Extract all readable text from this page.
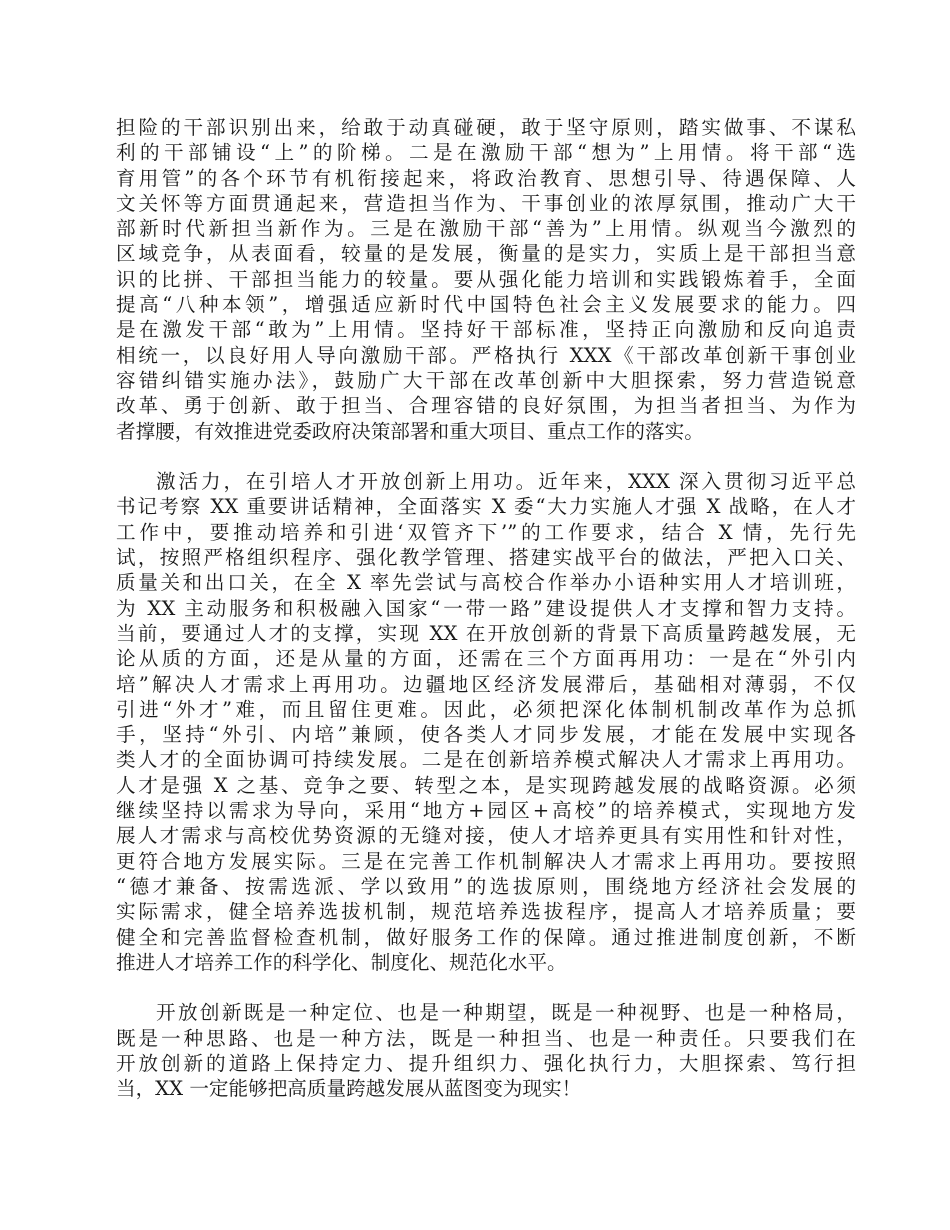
担险的干部识别出来，给敢于动真碰硬，敢于坚守原则，踏实做事、不谋私
利的干部铺设“上”的阶梯。二是在激励干部“想为”上用情。将干部“选
育用管”的各个环节有机衔接起来，将政治教育、思想引导、待遇保障、人
文关怀等方面贯通起来，营造担当作为、干事创业的浓厚氛围，推动广大干
部新时代新担当新作为。三是在激励干部“善为”上用情。纵观当今激烈的
区域竞争，从表面看，较量的是发展，衡量的是实力，实质上是干部担当意
识的比拼、干部担当能力的较量。要从强化能力培训和实践锻炼着手，全面
提高“八种本领”，增强适应新时代中国特色社会主义发展要求的能力。四
是在激发干部“敢为”上用情。坚持好干部标准，坚持正向激励和反向追责
相统一，以良好用人导向激励干部。严格执行 XXX《干部改革创新干事创业
容错纠错实施办法》，鼓励广大干部在改革创新中大胆探索，努力营造锐意
改革、勇于创新、敢于担当、合理容错的良好氛围，为担当者担当、为作为
者撑腰，有效推进党委政府决策部署和重大项目、重点工作的落实。
激活力，在引培人才开放创新上用功。近年来，XXX 深入贯彻习近平总
书记考察 XX 重要讲话精神，全面落实 X 委“大力实施人才强 X 战略，在人才
工作中，要推动培养和引进‘双管齐下’”的工作要求，结合 X 情，先行先
试，按照严格组织程序、强化教学管理、搭建实战平台的做法，严把入口关、
质量关和出口关，在全 X 率先尝试与高校合作举办小语种实用人才培训班，
为 XX 主动服务和积极融入国家“一带一路”建设提供人才支撑和智力支持。
当前，要通过人才的支撑，实现 XX 在开放创新的背景下高质量跨越发展，无
论从质的方面，还是从量的方面，还需在三个方面再用功：一是在“外引内
培”解决人才需求上再用功。边疆地区经济发展滞后，基础相对薄弱，不仅
引进“外才”难，而且留住更难。因此，必须把深化体制机制改革作为总抓
手，坚持“外引、内培”兼顾，使各类人才同步发展，才能在发展中实现各
类人才的全面协调可持续发展。二是在创新培养模式解决人才需求上再用功。
人才是强 X 之基、竞争之要、转型之本，是实现跨越发展的战略资源。必须
继续坚持以需求为导向，采用“地方+园区+高校”的培养模式，实现地方发
展人才需求与高校优势资源的无缝对接，使人才培养更具有实用性和针对性，
更符合地方发展实际。三是在完善工作机制解决人才需求上再用功。要按照
“德才兼备、按需选派、学以致用”的选拔原则，围绕地方经济社会发展的
实际需求，健全培养选拔机制，规范培养选拔程序，提高人才培养质量；要
健全和完善监督检查机制，做好服务工作的保障。通过推进制度创新，不断
推进人才培养工作的科学化、制度化、规范化水平。
开放创新既是一种定位、也是一种期望，既是一种视野、也是一种格局，
既是一种思路、也是一种方法，既是一种担当、也是一种责任。只要我们在
开放创新的道路上保持定力、提升组织力、强化执行力，大胆探索、笃行担
当，XX 一定能够把高质量跨越发展从蓝图变为现实！
